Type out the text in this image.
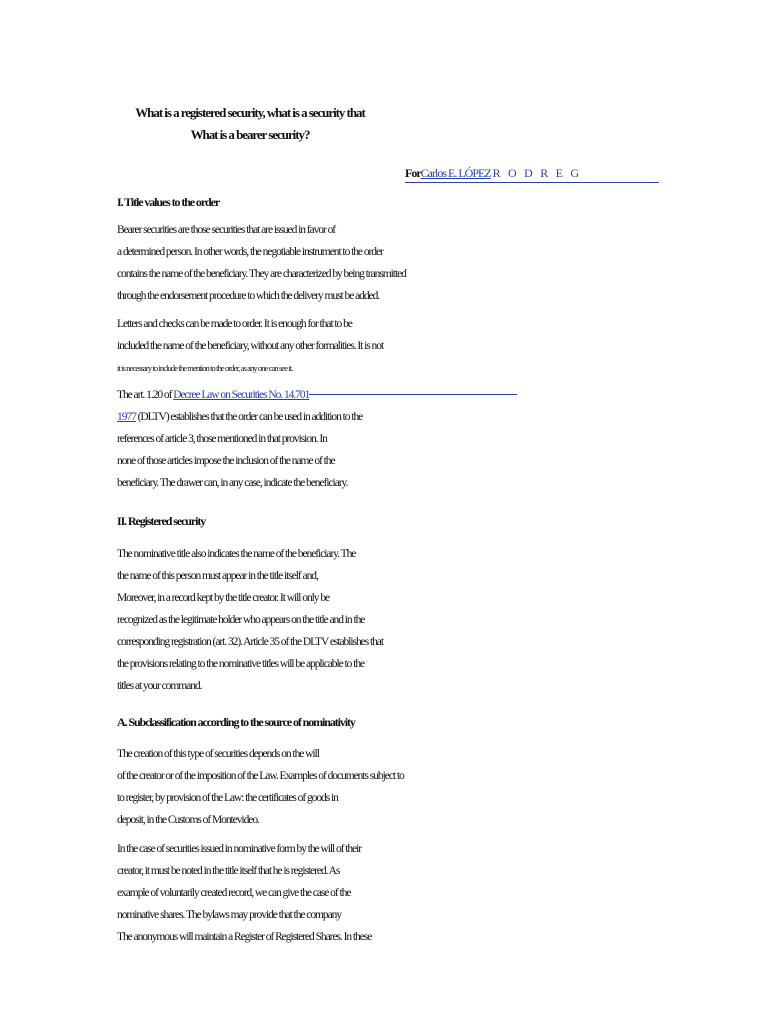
What is a registered security, what is a security that
What is a bearer security?
ForCarlos E. LÓPEZ R O D R E G
I. Title values to the order
Bearer securities are those securities that are issued in favor of
a determined person. In other words, the negotiable instrument to the order
contains the name of the beneficiary. They are characterized by being transmitted
through the endorsement procedure to which the delivery must be added.
Letters and checks can be made to order. It is enough for that to be
included the name of the beneficiary, without any other formalities. It is not
it is necessary to include the mention to the order, as any one can see it.
The art. 1.20 of Decree Law on Securities No. 14.701
1977 (DLTV) establishes that the order can be used in addition to the
references of article 3, those mentioned in that provision. In
none of those articles impose the inclusion of the name of the
beneficiary. The drawer can, in any case, indicate the beneficiary.
II. Registered security
The nominative title also indicates the name of the beneficiary. The
the name of this person must appear in the title itself and,
Moreover, in a record kept by the title creator. It will only be
recognized as the legitimate holder who appears on the title and in the
corresponding registration (art. 32). Article 35 of the DLTV establishes that
the provisions relating to the nominative titles will be applicable to the
titles at your command.
A. Subclassification according to the source of nominativity
The creation of this type of securities depends on the will
of the creator or of the imposition of the Law. Examples of documents subject to
to register, by provision of the Law: the certificates of goods in
deposit, in the Customs of Montevideo.
In the case of securities issued in nominative form by the will of their
creator, it must be noted in the title itself that he is registered. As
example of voluntarily created record, we can give the case of the
nominative shares. The bylaws may provide that the company
The anonymous will maintain a Register of Registered Shares. In these
